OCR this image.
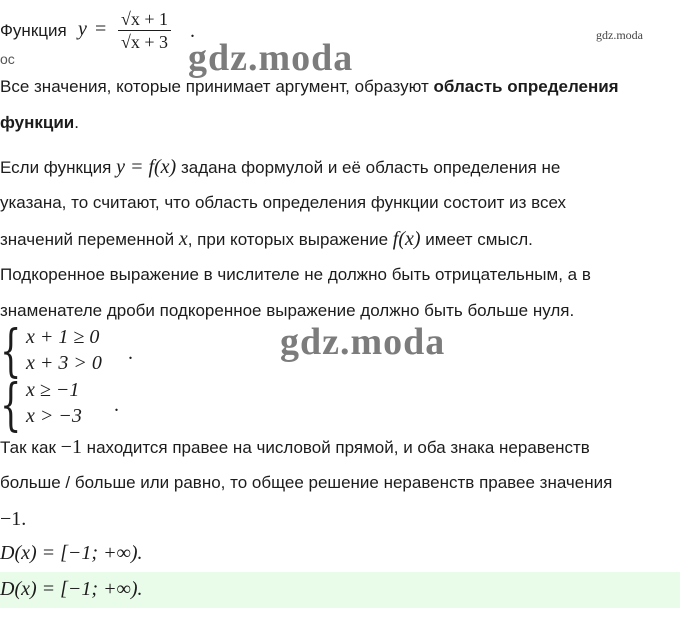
Функция $y = \frac{√x + 1}{√x + 3}$ .
ос
gdz.moda
gdz.moda
gdz.moda
Все значения, которые принимает аргумент, образуют область определения
функции.
Если функция y = f(x) задана формулой и её область определения не
указана, то считают, что область определения функции состоит из всех
значений переменной x, при которых выражение f(x) имеет смысл.
Подкоренное выражение в числителе не должно быть отрицательным, а в
знаменателе дроби подкоренное выражение должно быть больше нуля.
{ x + 1 ≥ 0
x + 3 > 0 .
{ x ≥ −1
x > −3 .
Так как −1 находится правее на числовой прямой, и оба знака неравенств
больше / больше или равно, то общее решение неравенств правее значения
−1.
D(x) = [−1; +∞).
D(x) = [−1; +∞).
